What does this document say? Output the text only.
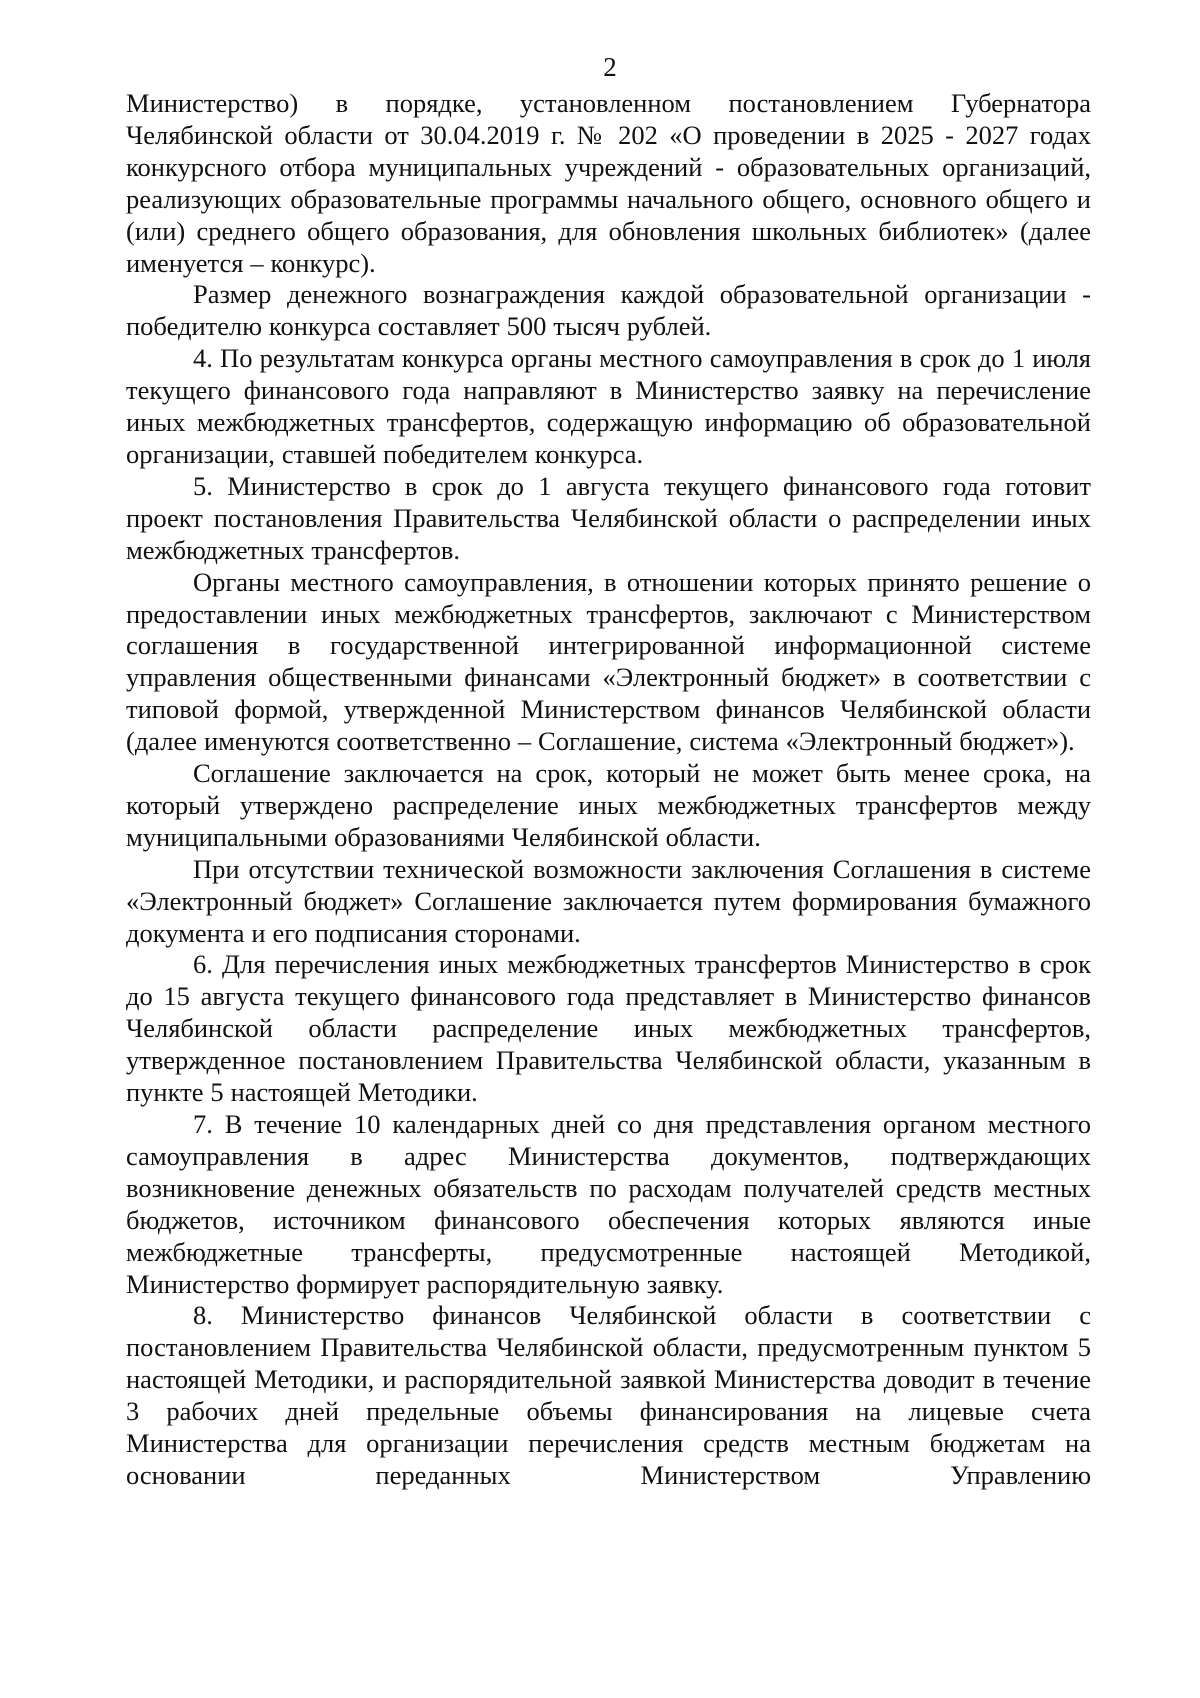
2

Министерство) в порядке, установленном постановлением Губернатора Челябинской области от 30.04.2019 г. № 202 «О проведении в 2025 - 2027 годах конкурсного отбора муниципальных учреждений - образовательных организаций, реализующих образовательные программы начального общего, основного общего и (или) среднего общего образования, для обновления школьных библиотек» (далее именуется – конкурс).

Размер денежного вознаграждения каждой образовательной организации - победителю конкурса составляет 500 тысяч рублей.

4. По результатам конкурса органы местного самоуправления в срок до 1 июля текущего финансового года направляют в Министерство заявку на перечисление иных межбюджетных трансфертов, содержащую информацию об образовательной организации, ставшей победителем конкурса.

5. Министерство в срок до 1 августа текущего финансового года готовит проект постановления Правительства Челябинской области о распределении иных межбюджетных трансфертов.

Органы местного самоуправления, в отношении которых принято решение о предоставлении иных межбюджетных трансфертов, заключают с Министерством соглашения в государственной интегрированной информационной системе управления общественными финансами «Электронный бюджет» в соответствии с типовой формой, утвержденной Министерством финансов Челябинской области (далее именуются соответственно – Соглашение, система «Электронный бюджет»).

Соглашение заключается на срок, который не может быть менее срока, на который утверждено распределение иных межбюджетных трансфертов между муниципальными образованиями Челябинской области.

При отсутствии технической возможности заключения Соглашения в системе «Электронный бюджет» Соглашение заключается путем формирования бумажного документа и его подписания сторонами.

6. Для перечисления иных межбюджетных трансфертов Министерство в срок до 15 августа текущего финансового года представляет в Министерство финансов Челябинской области распределение иных межбюджетных трансфертов, утвержденное постановлением Правительства Челябинской области, указанным в пункте 5 настоящей Методики.

7. В течение 10 календарных дней со дня представления органом местного самоуправления в адрес Министерства документов, подтверждающих возникновение денежных обязательств по расходам получателей средств местных бюджетов, источником финансового обеспечения которых являются иные межбюджетные трансферты, предусмотренные настоящей Методикой, Министерство формирует распорядительную заявку.

8. Министерство финансов Челябинской области в соответствии с постановлением Правительства Челябинской области, предусмотренным пунктом 5 настоящей Методики, и распорядительной заявкой Министерства доводит в течение 3 рабочих дней предельные объемы финансирования на лицевые счета Министерства для организации перечисления средств местным бюджетам на основании переданных Министерством Управлению
